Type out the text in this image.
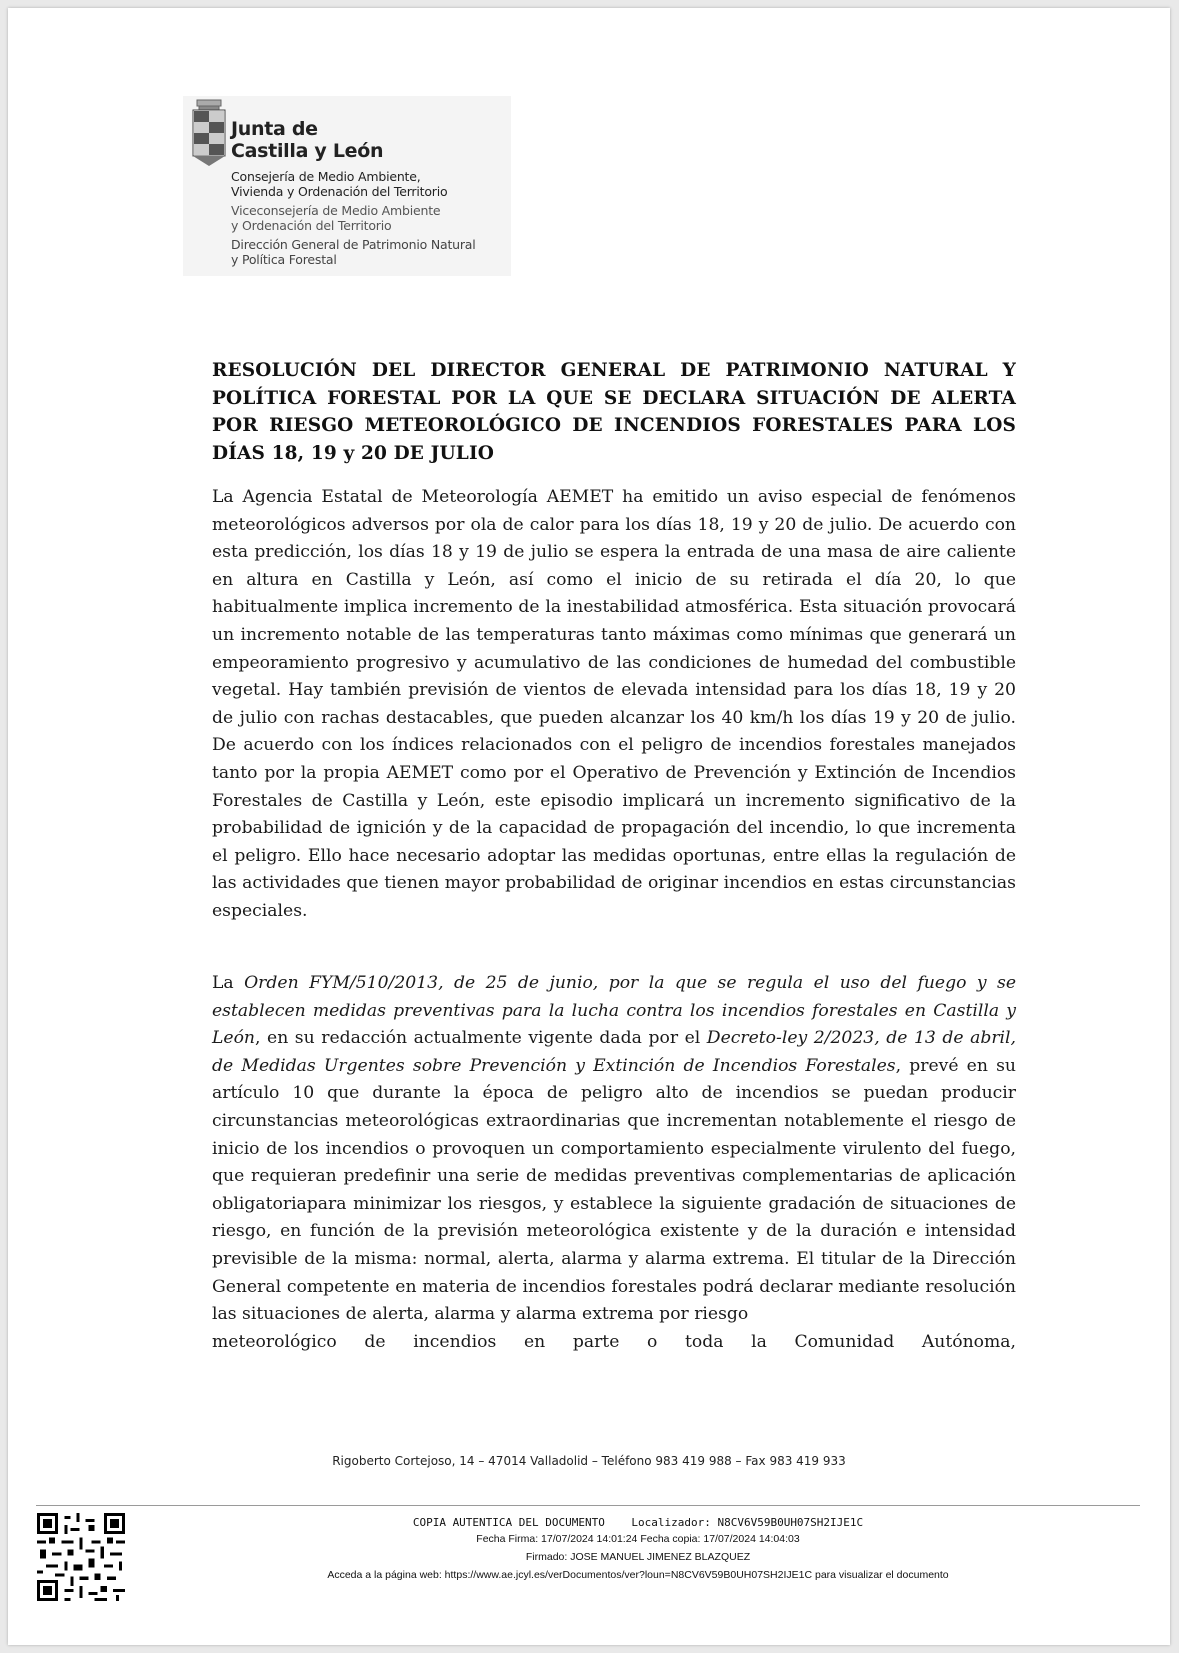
Junta de
Castilla y León
Consejería de Medio Ambiente,
Vivienda y Ordenación del Territorio
Viceconsejería de Medio Ambiente
y Ordenación del Territorio
Dirección General de Patrimonio Natural
y Política Forestal
RESOLUCIÓN DEL DIRECTOR GENERAL DE PATRIMONIO NATURAL Y POLÍTICA FORESTAL POR LA QUE SE DECLARA SITUACIÓN DE ALERTA POR RIESGO METEOROLÓGICO DE INCENDIOS FORESTALES PARA LOS DÍAS 18, 19 y 20 DE JULIO
La Agencia Estatal de Meteorología AEMET ha emitido un aviso especial de fenómenos meteorológicos adversos por ola de calor para los días 18, 19 y 20 de julio. De acuerdo con esta predicción, los días 18 y 19 de julio se espera la entrada de una masa de aire caliente en altura en Castilla y León, así como el inicio de su retirada el día 20, lo que habitualmente implica incremento de la inestabilidad atmosférica. Esta situación provocará un incremento notable de las temperaturas tanto máximas como mínimas que generará un empeoramiento progresivo y acumulativo de las condiciones de humedad del combustible vegetal. Hay también previsión de vientos de elevada intensidad para los días 18, 19 y 20 de julio con rachas destacables, que pueden alcanzar los 40 km/h los días 19 y 20 de julio. De acuerdo con los índices relacionados con el peligro de incendios forestales manejados tanto por la propia AEMET como por el Operativo de Prevención y Extinción de Incendios Forestales de Castilla y León, este episodio implicará un incremento significativo de la probabilidad de ignición y de la capacidad de propagación del incendio, lo que incrementa el peligro. Ello hace necesario adoptar las medidas oportunas, entre ellas la regulación de las actividades que tienen mayor probabilidad de originar incendios en estas circunstancias especiales.
La Orden FYM/510/2013, de 25 de junio, por la que se regula el uso del fuego y se establecen medidas preventivas para la lucha contra los incendios forestales en Castilla y León, en su redacción actualmente vigente dada por el Decreto-ley 2/2023, de 13 de abril, de Medidas Urgentes sobre Prevención y Extinción de Incendios Forestales, prevé en su artículo 10 que durante la época de peligro alto de incendios se puedan producir circunstancias meteorológicas extraordinarias que incrementan notablemente el riesgo de inicio de los incendios o provoquen un comportamiento especialmente virulento del fuego, que requieran predefinir una serie de medidas preventivas complementarias de aplicación obligatoriapara minimizar los riesgos, y establece la siguiente gradación de situaciones de riesgo, en función de la previsión meteorológica existente y de la duración e intensidad previsible de la misma: normal, alerta, alarma y alarma extrema. El titular de la Dirección General competente en materia de incendios forestales podrá declarar mediante resolución las situaciones de alerta, alarma y alarma extrema por riesgo
meteorológico de incendios en parte o toda la Comunidad Autónoma,
Rigoberto Cortejoso, 14 – 47014 Valladolid – Teléfono 983 419 988 – Fax 983 419 933
COPIA AUTENTICA DEL DOCUMENTO    Localizador: N8CV6V59B0UH07SH2IJE1C
Fecha Firma: 17/07/2024 14:01:24 Fecha copia: 17/07/2024 14:04:03
Firmado: JOSE MANUEL JIMENEZ BLAZQUEZ
Acceda a la página web: https://www.ae.jcyl.es/verDocumentos/ver?loun=N8CV6V59B0UH07SH2IJE1C para visualizar el documento
